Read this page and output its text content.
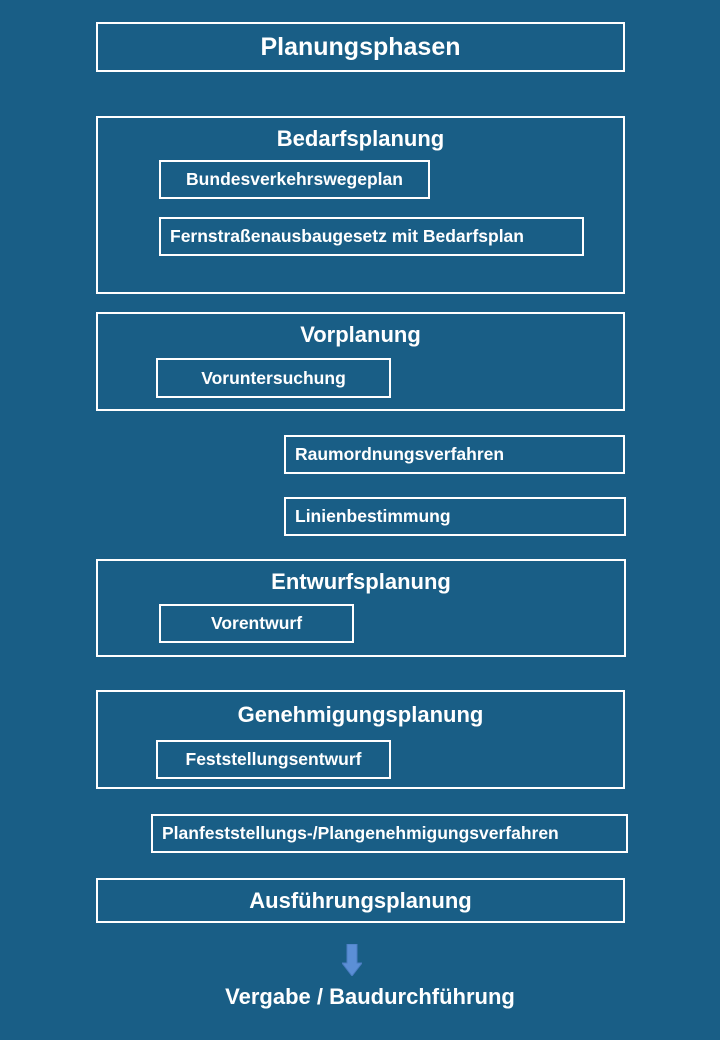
Planungsphasen
Bedarfsplanung
Bundesverkehrswegeplan
Fernstraßenausbaugesetz mit Bedarfsplan
Vorplanung
Voruntersuchung
Raumordnungsverfahren
Linienbestimmung
Entwurfsplanung
Vorentwurf
Genehmigungsplanung
Feststellungsentwurf
Planfeststellungs-/Plangenehmigungsverfahren
Ausführungsplanung
Vergabe / Baudurchführung
